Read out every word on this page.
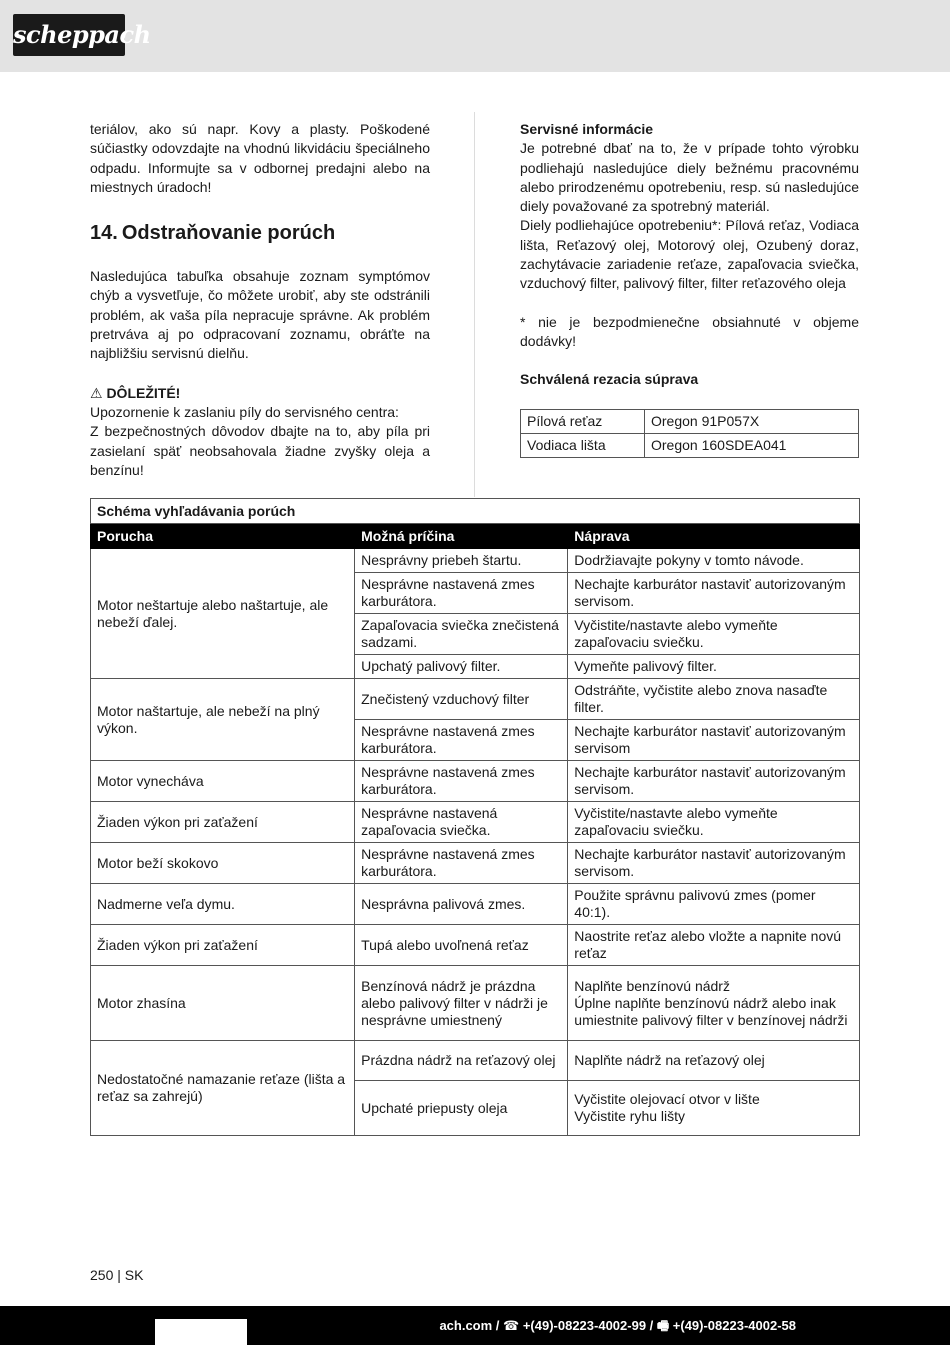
scheppach

teriálov, ako sú napr. Kovy a plasty. Poškodené súčiastky odovzdajte na vhodnú likvidáciu špeciálneho odpadu. Informujte sa v odbornej predajni alebo na miestnych úradoch!

14. Odstraňovanie porúch

Nasledujúca tabuľka obsahuje zoznam symptómov chýb a vysvetľuje, čo môžete urobiť, aby ste odstránili problém, ak vaša píla nepracuje správne. Ak problém pretrváva aj po odpracovaní zoznamu, obráťte na najbližšiu servisnú dielňu.

⚠ DÔLEŽITÉ!

Upozornenie k zaslaniu píly do servisného centra:

Z bezpečnostných dôvodov dbajte na to, aby píla pri zasielaní späť neobsahovala žiadne zvyšky oleja a benzínu!

Servisné informácie

Je potrebné dbať na to, že v prípade tohto výrobku podliehajú nasledujúce diely bežnému pracovnému alebo prirodzenému opotrebeniu, resp. sú nasledujúce diely považované za spotrebný materiál.

Diely podliehajúce opotrebeniu*: Pílová reťaz, Vodiaca lišta, Reťazový olej, Motorový olej, Ozubený doraz, zachytávacie zariadenie reťaze, zapaľovacia sviečka, vzduchový filter, palivový filter, filter reťazového oleja

* nie je bezpodmienečne obsiahnuté v objeme dodávky!

Schválená rezacia súprava
Pílová reťaz	Oregon 91P057X
Vodiaca lišta	Oregon 160SDEA041
Schéma vyhľadávania porúch		
Porucha	Možná príčina	Náprava
Motor neštartuje alebo naštartuje, ale nebeží ďalej.	Nesprávny priebeh štartu.	Dodržiavajte pokyny v tomto návode.
	Nesprávne nastavená zmes karburátora.	Nechajte karburátor nastaviť autorizovaným servisom.
	Zapaľovacia sviečka znečistená sadzami.	Vyčistite/nastavte alebo vymeňte zapaľovaciu sviečku.
	Upchatý palivový filter.	Vymeňte palivový filter.
Motor naštartuje, ale nebeží na plný výkon.	Znečistený vzduchový filter	Odstráňte, vyčistite alebo znova nasaďte filter.
	Nesprávne nastavená zmes karburátora.	Nechajte karburátor nastaviť autorizovaným servisom
Motor vynecháva	Nesprávne nastavená zmes karburátora.	Nechajte karburátor nastaviť autorizovaným servisom.
Žiaden výkon pri zaťažení	Nesprávne nastavená zapaľovacia sviečka.	Vyčistite/nastavte alebo vymeňte zapaľovaciu sviečku.
Motor beží skokovo	Nesprávne nastavená zmes karburátora.	Nechajte karburátor nastaviť autorizovaným servisom.
Nadmerne veľa dymu.	Nesprávna palivová zmes.	Použite správnu palivovú zmes (pomer 40:1).
Žiaden výkon pri zaťažení	Tupá alebo uvoľnená reťaz	Naostrite reťaz alebo vložte a napnite novú reťaz
Motor zhasína	Benzínová nádrž je prázdna alebo palivový filter v nádrži je nesprávne umiestnený	Naplňte benzínovú nádrž
Úplne naplňte benzínovú nádrž alebo inak umiestnite palivový filter v benzínovej nádrži

Nedostatočné namazanie reťaze (lišta a reťaz sa zahrejú)	Prázdna nádrž na reťazový olej	Naplňte nádrž na reťazový olej
	Upchaté priepusty oleja	Vyčistite olejovací otvor v lište
Vyčistite ryhu lišty
250 | SK
ach.com / ☎ +(49)-08223-4002-99 / 🖷 +(49)-08223-4002-58
